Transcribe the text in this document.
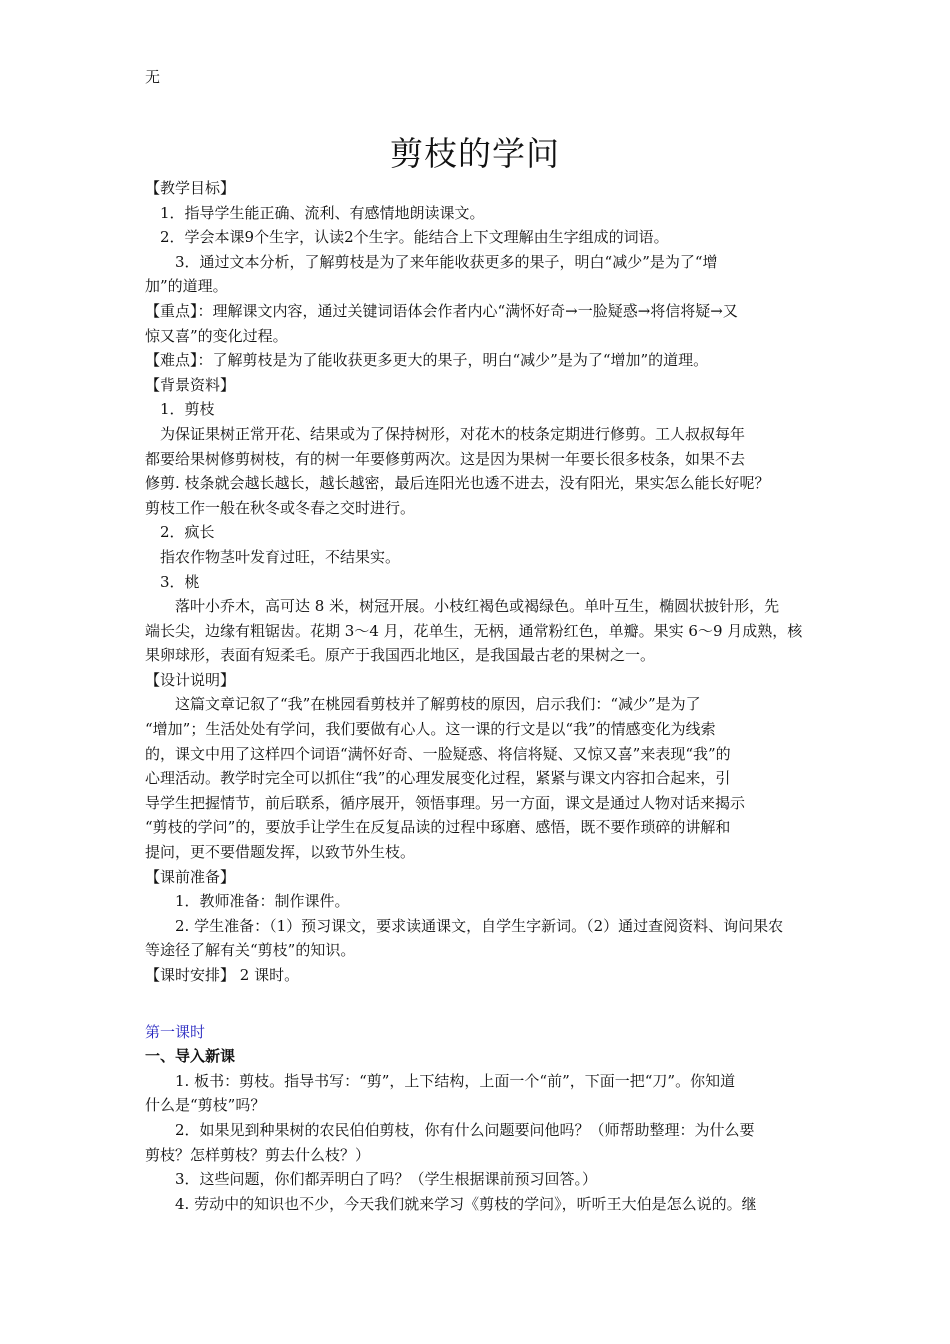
无
剪枝的学问
【教学目标】
1．指导学生能正确、流利、有感情地朗读课文。
2．学会本课9个生字，认读2个生字。能结合上下文理解由生字组成的词语。
3．通过文本分析，了解剪枝是为了来年能收获更多的果子，明白“减少”是为了“增
加”的道理。
【重点】：理解课文内容，通过关键词语体会作者内心“满怀好奇→一脸疑惑→将信将疑→又
惊又喜”的变化过程。
【难点】：了解剪枝是为了能收获更多更大的果子，明白“减少”是为了“增加”的道理。
【背景资料】
1．剪枝
为保证果树正常开花、结果或为了保持树形，对花木的枝条定期进行修剪。工人叔叔每年
都要给果树修剪树枝，有的树一年要修剪两次。这是因为果树一年要长很多枝条，如果不去
修剪. 枝条就会越长越长，越长越密，最后连阳光也透不进去，没有阳光，果实怎么能长好呢？
剪枝工作一般在秋冬或冬春之交时进行。
2．疯长
指农作物茎叶发育过旺，不结果实。
3．桃
落叶小乔木，高可达 8 米，树冠开展。小枝红褐色或褐绿色。单叶互生，椭圆状披针形，先
端长尖，边缘有粗锯齿。花期 3～4 月，花单生，无柄，通常粉红色，单瓣。果实 6～9 月成熟，核
果卵球形，表面有短柔毛。原产于我国西北地区，是我国最古老的果树之一。
【设计说明】
这篇文章记叙了“我”在桃园看剪枝并了解剪枝的原因，启示我们：“减少”是为了
“增加”；生活处处有学问，我们要做有心人。这一课的行文是以“我”的情感变化为线索
的，课文中用了这样四个词语“满怀好奇、一脸疑惑、将信将疑、又惊又喜”来表现“我”的
心理活动。教学时完全可以抓住“我”的心理发展变化过程，紧紧与课文内容扣合起来，引
导学生把握情节，前后联系，循序展开，领悟事理。另一方面，课文是通过人物对话来揭示
“剪枝的学问”的，要放手让学生在反复品读的过程中琢磨、感悟，既不要作琐碎的讲解和
提问，更不要借题发挥，以致节外生枝。
【课前准备】
1．教师准备：制作课件。
2. 学生准备：（1）预习课文，要求读通课文，自学生字新词。（2）通过查阅资料、询问果农
等途径了解有关“剪枝”的知识。
【课时安排】 2 课时。
第一课时
一、导入新课
1. 板书：剪枝。指导书写：“剪”，上下结构，上面一个“前”，下面一把“刀”。你知道
什么是“剪枝”吗？
2．如果见到种果树的农民伯伯剪枝，你有什么问题要问他吗？（师帮助整理：为什么要
剪枝？怎样剪枝？剪去什么枝？）
3．这些问题，你们都弄明白了吗？（学生根据课前预习回答。）
4. 劳动中的知识也不少，今天我们就来学习《剪枝的学问》，听听王大伯是怎么说的。继
